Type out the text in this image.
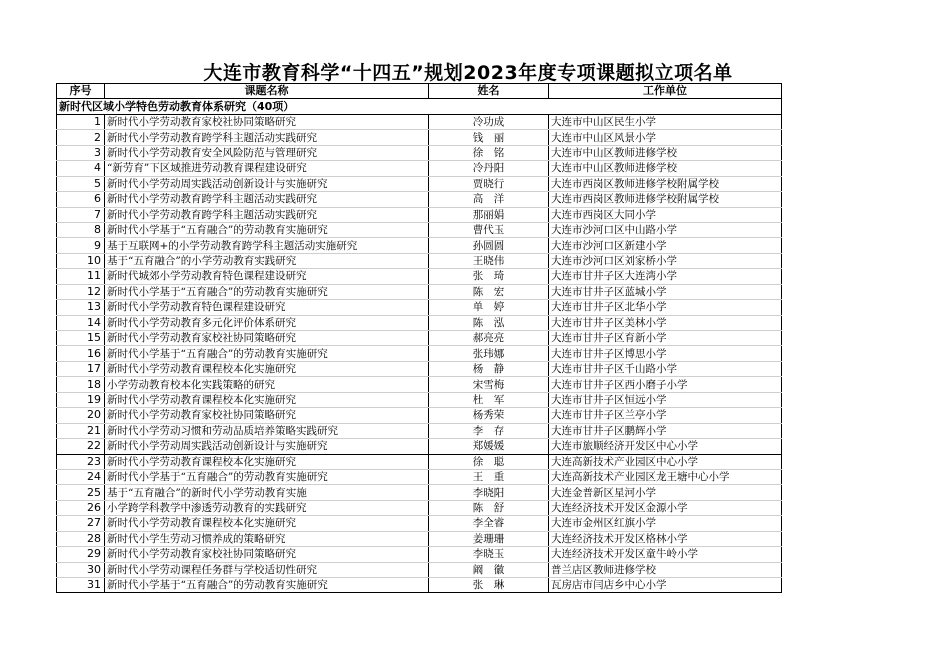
大连市教育科学“十四五”规划2023年度专项课题拟立项名单
序号	课题名称	姓名	工作单位	
新时代区域小学特色劳动教育体系研究（40项）				
1	新时代小学劳动教育家校社协同策略研究	冷功成	大连市中山区民生小学	
2	新时代小学劳动教育跨学科主题活动实践研究	钱　丽	大连市中山区风景小学	
3	新时代小学劳动教育安全风险防范与管理研究	徐　铭	大连市中山区教师进修学校	
4	“新劳育”下区域推进劳动教育课程建设研究	冷丹阳	大连市中山区教师进修学校	
5	新时代小学劳动周实践活动创新设计与实施研究	贾晓行	大连市西岗区教师进修学校附属学校	
6	新时代小学劳动教育跨学科主题活动实践研究	高　洋	大连市西岗区教师进修学校附属学校	
7	新时代小学劳动教育跨学科主题活动实践研究	那丽娟	大连市西岗区大同小学	
8	新时代小学基于“五育融合”的劳动教育实施研究	曹代玉	大连市沙河口区中山路小学	
9	基于互联网+的小学劳动教育跨学科主题活动实施研究	孙圆圆	大连市沙河口区新建小学	
10	基于“五育融合”的小学劳动教育实践研究	王晓伟	大连市沙河口区刘家桥小学	
11	新时代城郊小学劳动教育特色课程建设研究	张　琦	大连市甘井子区大连湾小学	
12	新时代小学基于“五育融合”的劳动教育实施研究	陈　宏	大连市甘井子区蓝城小学	
13	新时代小学劳动教育特色课程建设研究	单　婷	大连市甘井子区北华小学	
14	新时代小学劳动教育多元化评价体系研究	陈　泓	大连市甘井子区美林小学	
15	新时代小学劳动教育家校社协同策略研究	郝亮亮	大连市甘井子区育新小学	
16	新时代小学基于“五育融合”的劳动教育实施研究	张玮娜	大连市甘井子区博思小学	
17	新时代小学劳动教育课程校本化实施研究	杨　静	大连市甘井子区千山路小学	
18	小学劳动教育校本化实践策略的研究	宋雪梅	大连市甘井子区西小磨子小学	
19	新时代小学劳动教育课程校本化实施研究	杜　军	大连市甘井子区恒远小学	
20	新时代小学劳动教育家校社协同策略研究	杨秀荣	大连市甘井子区兰亭小学	
21	新时代小学劳动习惯和劳动品质培养策略实践研究	李　存	大连市甘井子区鹏辉小学	
22	新时代小学劳动周实践活动创新设计与实施研究	郑媛媛	大连市旅顺经济开发区中心小学	
23	新时代小学劳动教育课程校本化实施研究	徐　聪	大连高新技术产业园区中心小学	
24	新时代小学基于“五育融合”的劳动教育实施研究	王　重	大连高新技术产业园区龙王塘中心小学	
25	基于“五育融合”的新时代小学劳动教育实施	李晓阳	大连金普新区星河小学	
26	小学跨学科教学中渗透劳动教育的实践研究	陈　舒	大连经济技术开发区金源小学	
27	新时代小学劳动教育课程校本化实施研究	李全睿	大连市金州区红旗小学	
28	新时代小学生劳动习惯养成的策略研究	姜珊珊	大连经济技术开发区格林小学	
29	新时代小学劳动教育家校社协同策略研究	李晓玉	大连经济技术开发区童牛岭小学	
30	新时代小学劳动课程任务群与学校适切性研究	阚　徽	普兰店区教师进修学校	
31	新时代小学基于“五育融合”的劳动教育实施研究	张　琳	瓦房店市闫店乡中心小学	
